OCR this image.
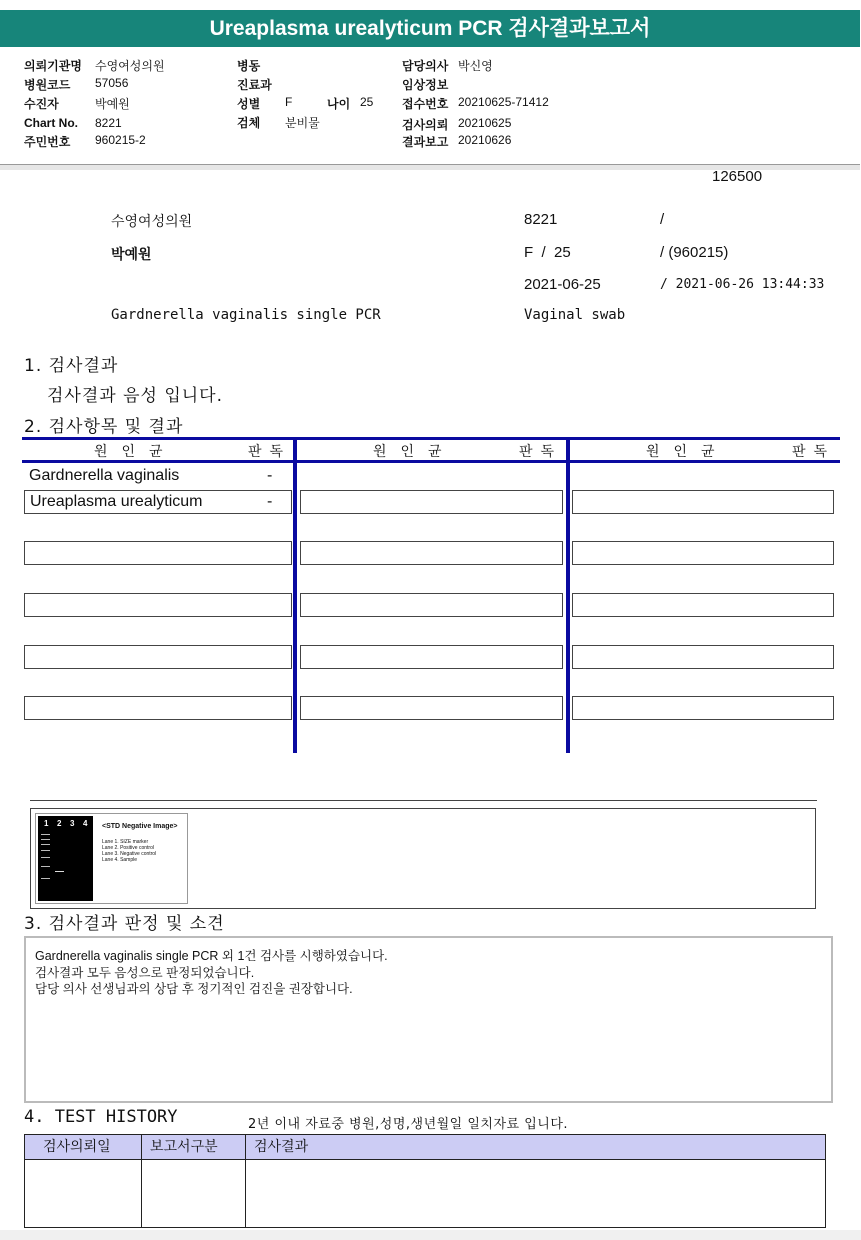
Ureaplasma urealyticum PCR 검사결과보고서
의뢰기관명 수영여성의원
병원코드 57056
수진자	박예원
Chart No. 8221
주민번호 960215-2
병동
진료과
성별 F	나이 25
검체 분비물
담당의사 박신영
임상정보
접수번호 20210625-71412
검사의뢰 20210625
결과보고 20210626
126500
수영여성의원	8221	/
박예원	F  /  25	/ (960215)
2021-06-25	/ 2021-06-26 13:44:33
Gardnerella vaginalis single PCR	Vaginal swab
1. 검사결과
검사결과 음성 입니다.
2. 검사항목 및 결과
원인균	판독	원인균	판독	원인균	판독
Gardnerella vaginalis	-
Ureaplasma urealyticum	-
1 2 3 4 <STD Negative Image>
Lane 1. SIZE marker
Lane 2. Positive control
Lane 3. Negative control
Lane 4. Sample
3. 검사결과 판정 및 소견
Gardnerella vaginalis single PCR 외 1건 검사를 시행하였습니다.
검사결과 모두 음성으로 판정되었습니다.
담당 의사 선생님과의 상담 후 정기적인 검진을 권장합니다.
4. TEST HISTORY	2년 이내 자료중 병원,성명,생년월일 일치자료 입니다.
검사의뢰일	보고서구분	검사결과
